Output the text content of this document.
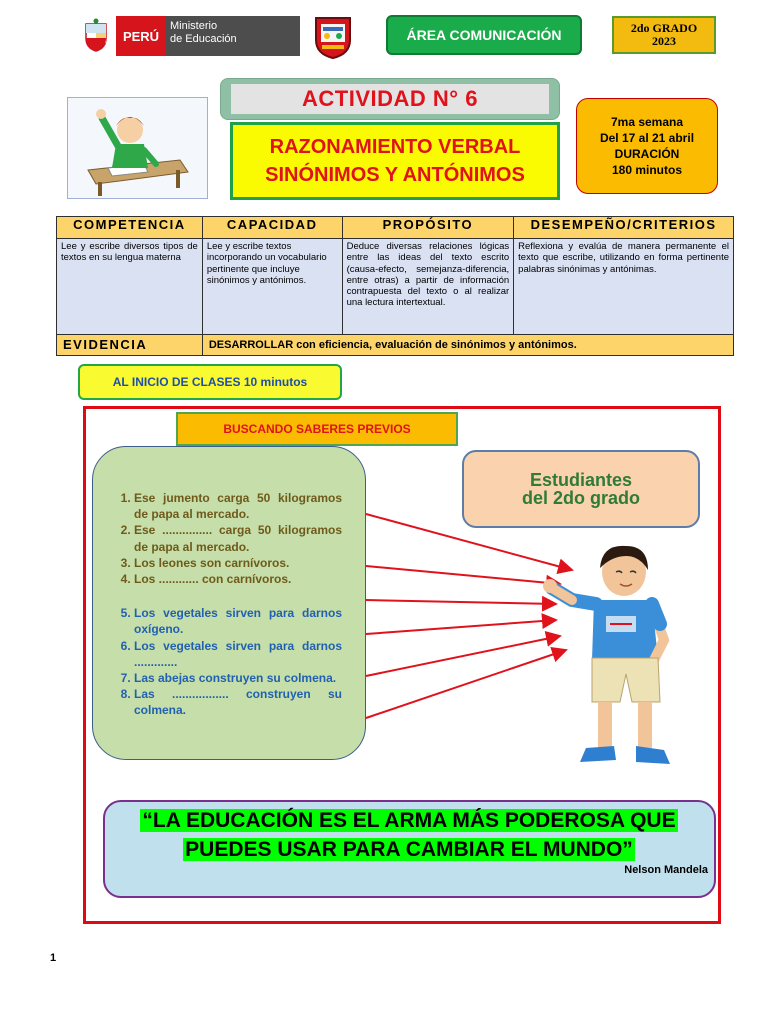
PERÚ
Ministerio
de Educación	ÁREA COMUNICACIÓN	2do GRADO
2023
ACTIVIDAD N° 6
RAZONAMIENTO VERBAL
SINÓNIMOS Y ANTÓNIMOS
7ma semana
Del 17 al 21 abril
DURACIÓN
180 minutos
COMPETENCIA	CAPACIDAD	PROPÓSITO	DESEMPEÑO/CRITERIOS
Lee y escribe diversos tipos de textos en su lengua materna	Lee y escribe textos incorporando un vocabulario pertinente que incluye sinónimos y antónimos.	Deduce diversas relaciones lógicas entre las ideas del texto escrito (causa-efecto, semejanza-diferencia, entre otras) a partir de información contrapuesta del texto o al realizar una lectura intertextual.	Reflexiona y evalúa de manera permanente el texto que escribe, utilizando en forma pertinente palabras sinónimas y antónimas.
EVIDENCIA	DESARROLLAR con eficiencia, evaluación de sinónimos y antónimos.		
AL INICIO DE CLASES 10 minutos
BUSCANDO SABERES PREVIOS
1. Ese jumento carga 50 kilogramos de papa al mercado.
2. Ese ............... carga 50 kilogramos de papa al mercado.
3. Los leones son carnívoros.
4. Los ............ con carnívoros.
5. Los vegetales sirven para darnos oxígeno.
6. Los vegetales sirven para darnos .............
7. Las abejas construyen su colmena.
8. Las ................. construyen su colmena.
Estudiantes
del 2do grado
“LA EDUCACIÓN ES EL ARMA MÁS PODEROSA QUE
PUEDES USAR PARA CAMBIAR EL MUNDO”
Nelson Mandela
1
